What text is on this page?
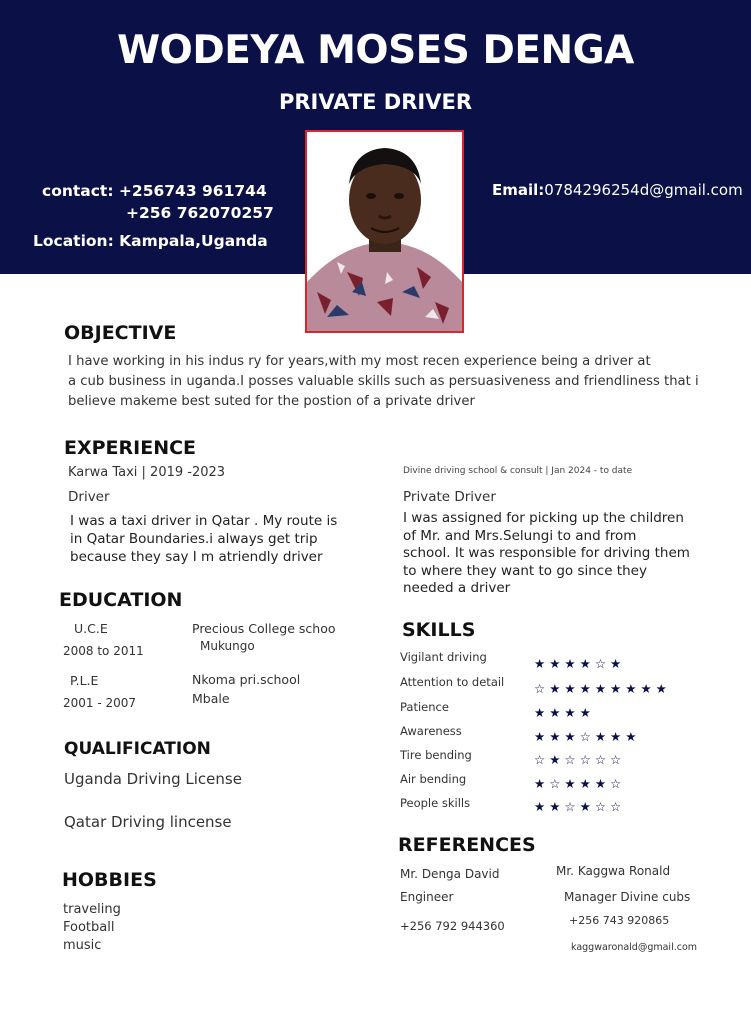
WODEYA MOSES DENGA
PRIVATE DRIVER
contact: +256743 961744
+256 762070257
Location: Kampala,Uganda
Email:0784296254d@gmail.com
OBJECTIVE
I have working in his indus ry for years,with my most recen experience being a driver at
a cub business in uganda.I posses valuable skills such as persuasiveness and friendliness that i
believe makeme best suted for the postion of a private driver
EXPERIENCE
Karwa Taxi | 2019 -2023
Driver
I was a taxi driver in Qatar . My route is
in Qatar Boundaries.i always get trip
because they say I m atriendly driver
Divine driving school & consult | Jan 2024 - to date
Private Driver
I was assigned for picking up the children
of Mr. and Mrs.Selungi to and from
school. It was responsible for driving them
to where they want to go since they
needed a driver
EDUCATION
U.C.E
2008 to 2011
Precious College schoo
Mukungo
P.L.E
2001 - 2007
Nkoma pri.school
Mbale
QUALIFICATION
Uganda Driving License
Qatar Driving lincense
HOBBIES
traveling
Football
music
SKILLS
Vigilant driving	★★★★☆★
Attention to detail ☆★★★★★★★★
Patience	★★★★
Awareness	★★★☆★★★
Tire bending	☆★☆☆☆☆
Air bending	★☆★★★☆
People skills	★★☆★☆☆
REFERENCES
Mr. Denga David
Engineer
+256 792 944360
Mr. Kaggwa Ronald
Manager Divine cubs
+256 743 920865
kaggwaronald@gmail.com
